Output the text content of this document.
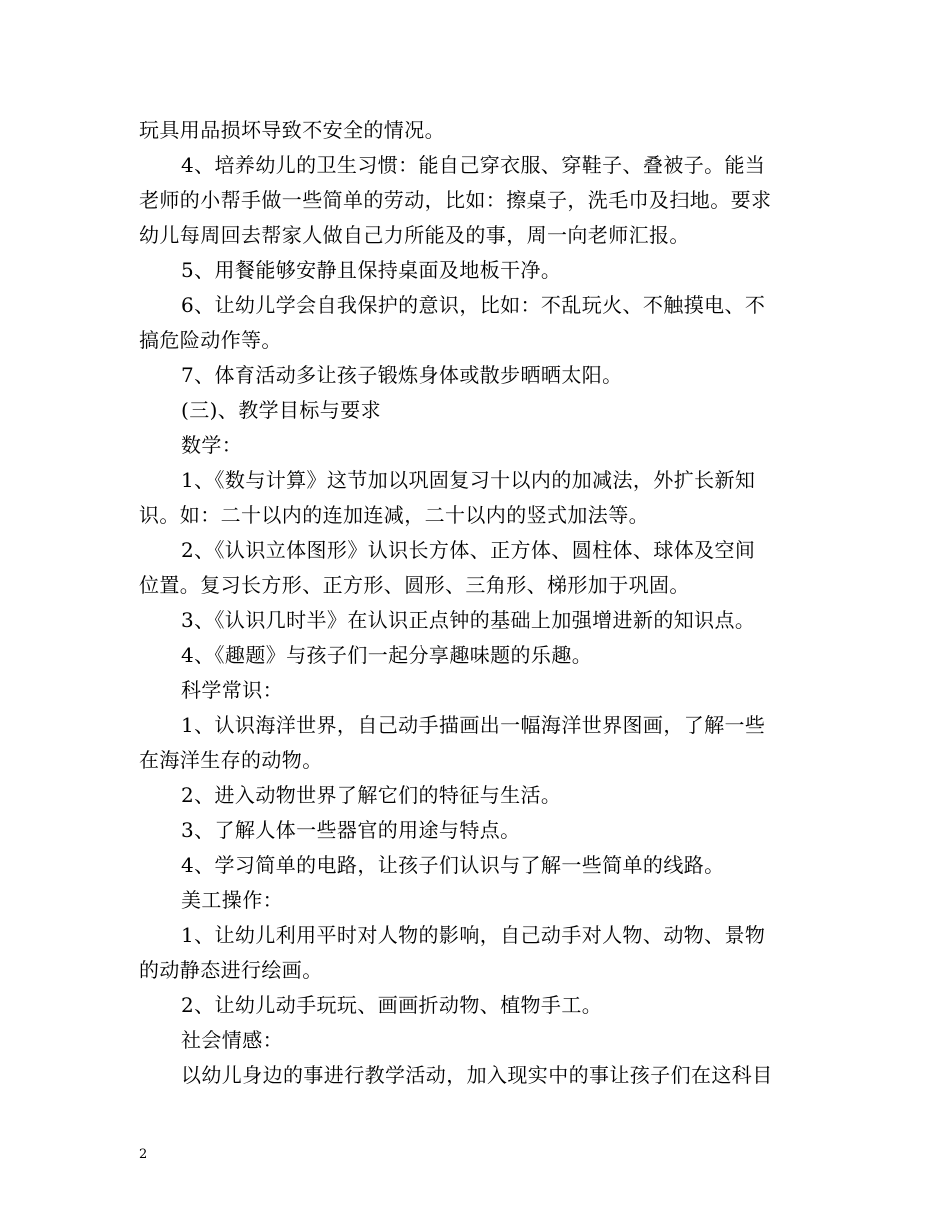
玩具用品损坏导致不安全的情况。
4、培养幼儿的卫生习惯：能自己穿衣服、穿鞋子、叠被子。能当
老师的小帮手做一些简单的劳动，比如：擦桌子，洗毛巾及扫地。要求
幼儿每周回去帮家人做自己力所能及的事，周一向老师汇报。
5、用餐能够安静且保持桌面及地板干净。
6、让幼儿学会自我保护的意识，比如：不乱玩火、不触摸电、不
搞危险动作等。
7、体育活动多让孩子锻炼身体或散步晒晒太阳。
(三)、教学目标与要求
数学：
1、《数与计算》这节加以巩固复习十以内的加减法，外扩长新知
识。如：二十以内的连加连减，二十以内的竖式加法等。
2、《认识立体图形》认识长方体、正方体、圆柱体、球体及空间
位置。复习长方形、正方形、圆形、三角形、梯形加于巩固。
3、《认识几时半》在认识正点钟的基础上加强增进新的知识点。
4、《趣题》与孩子们一起分享趣味题的乐趣。
科学常识：
1、认识海洋世界，自己动手描画出一幅海洋世界图画，了解一些
在海洋生存的动物。
2、进入动物世界了解它们的特征与生活。
3、了解人体一些器官的用途与特点。
4、学习简单的电路，让孩子们认识与了解一些简单的线路。
美工操作：
1、让幼儿利用平时对人物的影响，自己动手对人物、动物、景物
的动静态进行绘画。
2、让幼儿动手玩玩、画画折动物、植物手工。
社会情感：
以幼儿身边的事进行教学活动，加入现实中的事让孩子们在这科目
2
